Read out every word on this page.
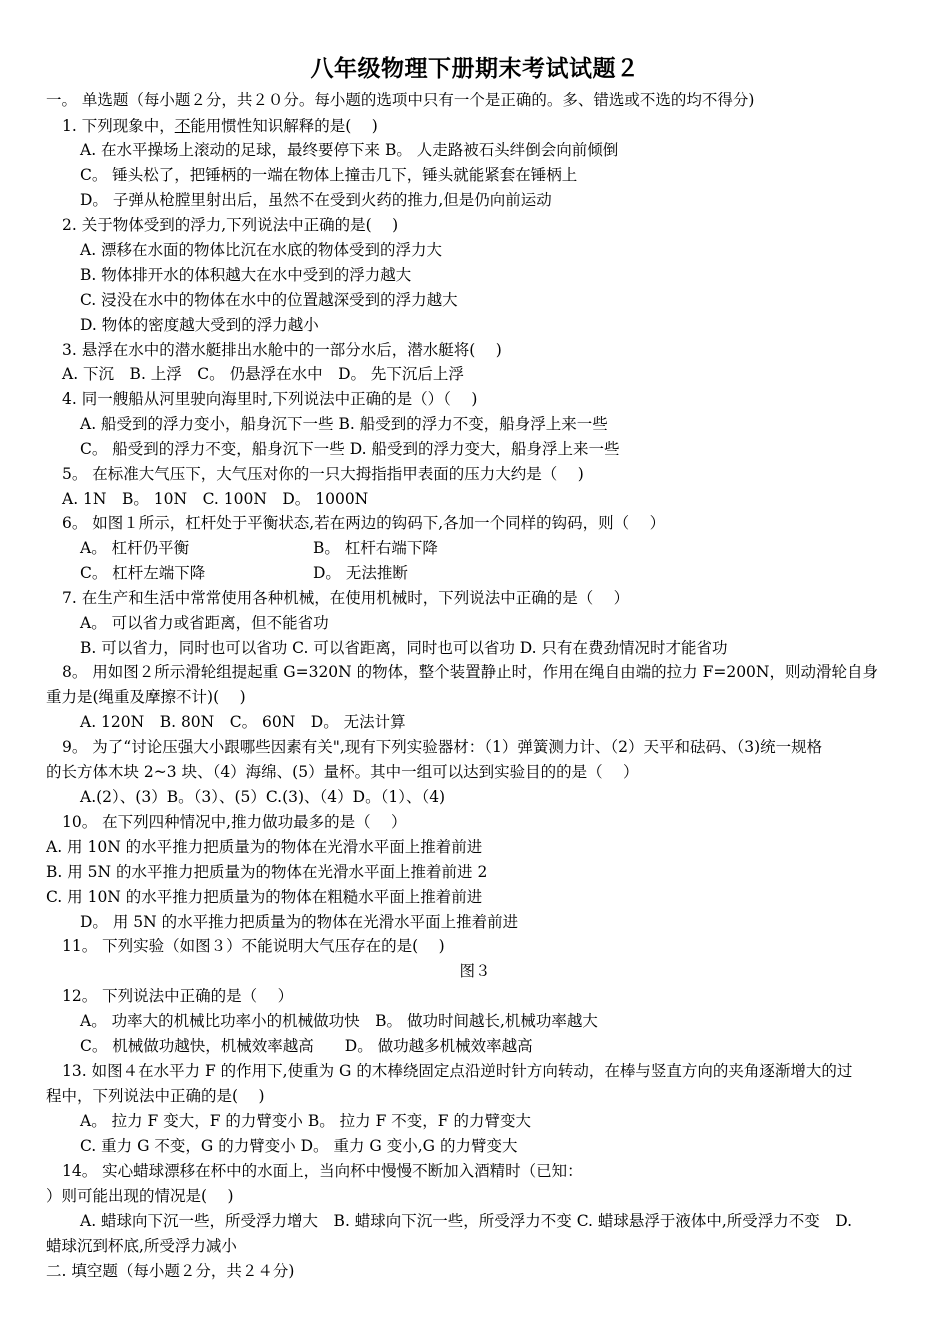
八年级物理下册期末考试试题２
一。 单选题（每小题２分，共２０分。每小题的选项中只有一个是正确的。多、错选或不选的均不得分)
1. 下列现象中，不能用惯性知识解释的是(　 )
A. 在水平操场上滚动的足球，最终要停下来 B。 人走路被石头绊倒会向前倾倒
C。 锤头松了，把锤柄的一端在物体上撞击几下，锤头就能紧套在锤柄上
D。 子弹从枪膛里射出后，虽然不在受到火药的推力,但是仍向前运动
2. 关于物体受到的浮力,下列说法中正确的是(　 )
A. 漂移在水面的物体比沉在水底的物体受到的浮力大
B. 物体排开水的体积越大在水中受到的浮力越大
C. 浸没在水中的物体在水中的位置越深受到的浮力越大
D. 物体的密度越大受到的浮力越小
3. 悬浮在水中的潜水艇排出水舱中的一部分水后，潜水艇将(　 )
A. 下沉　B. 上浮　C。 仍悬浮在水中　D。 先下沉后上浮
4. 同一艘船从河里驶向海里时,下列说法中正确的是（）（　 )
A. 船受到的浮力变小，船身沉下一些 B. 船受到的浮力不变，船身浮上来一些
C。 船受到的浮力不变，船身沉下一些 D. 船受到的浮力变大，船身浮上来一些
5。 在标准大气压下，大气压对你的一只大拇指指甲表面的压力大约是（　 )
A. 1N　B。 10N　C. 100N　D。 1000N
6。 如图１所示，杠杆处于平衡状态,若在两边的钩码下,各加一个同样的钩码，则（　 ）
A。 杠杆仍平衡	B。 杠杆右端下降
C。 杠杆左端下降	D。 无法推断
7. 在生产和生活中常常使用各种机械，在使用机械时，下列说法中正确的是（　 ）
A。 可以省力或省距离，但不能省功
B. 可以省力，同时也可以省功 C. 可以省距离，同时也可以省功 D. 只有在费劲情况时才能省功
8。 用如图２所示滑轮组提起重 G=320N 的物体，整个装置静止时，作用在绳自由端的拉力 F=200N，则动滑轮自身
重力是(绳重及摩擦不计)(　 )
A. 120N　B. 80N　C。 60N　D。 无法计算
9。 为了“讨论压强大小跟哪些因素有关",现有下列实验器材：（1）弹簧测力计、（2）天平和砝码、（3)统一规格
的长方体木块 2~3 块、（4）海绵、(5）量杯。其中一组可以达到实验目的的是（　 ）
A.(2）、(3）B。（3）、(5）C.(3)、（4）D。（1）、（4)
10。 在下列四种情况中,推力做功最多的是（　 ）
A. 用 10N 的水平推力把质量为的物体在光滑水平面上推着前进
B. 用 5N 的水平推力把质量为的物体在光滑水平面上推着前进 2
C. 用 10N 的水平推力把质量为的物体在粗糙水平面上推着前进
D。 用 5N 的水平推力把质量为的物体在光滑水平面上推着前进
11。 下列实验（如图３）不能说明大气压存在的是(　 )
图３
12。 下列说法中正确的是（　 ）
A。 功率大的机械比功率小的机械做功快　B。 做功时间越长,机械功率越大
C。 机械做功越快，机械效率越高　　D。 做功越多机械效率越高
13. 如图４在水平力 F 的作用下,使重为 G 的木棒绕固定点沿逆时针方向转动，在棒与竖直方向的夹角逐渐增大的过
程中，下列说法中正确的是(　 )
A。 拉力 F 变大，F 的力臂变小 B。 拉力 F 不变，F 的力臂变大
C. 重力 G 不变，G 的力臂变小 D。 重力 G 变小,G 的力臂变大
14。 实心蜡球漂移在杯中的水面上，当向杯中慢慢不断加入酒精时（已知：
）则可能出现的情况是(　 )
A. 蜡球向下沉一些，所受浮力增大　B. 蜡球向下沉一些，所受浮力不变 C. 蜡球悬浮于液体中,所受浮力不变　D.
蜡球沉到杯底,所受浮力减小
二. 填空题（每小题２分，共２４分)
